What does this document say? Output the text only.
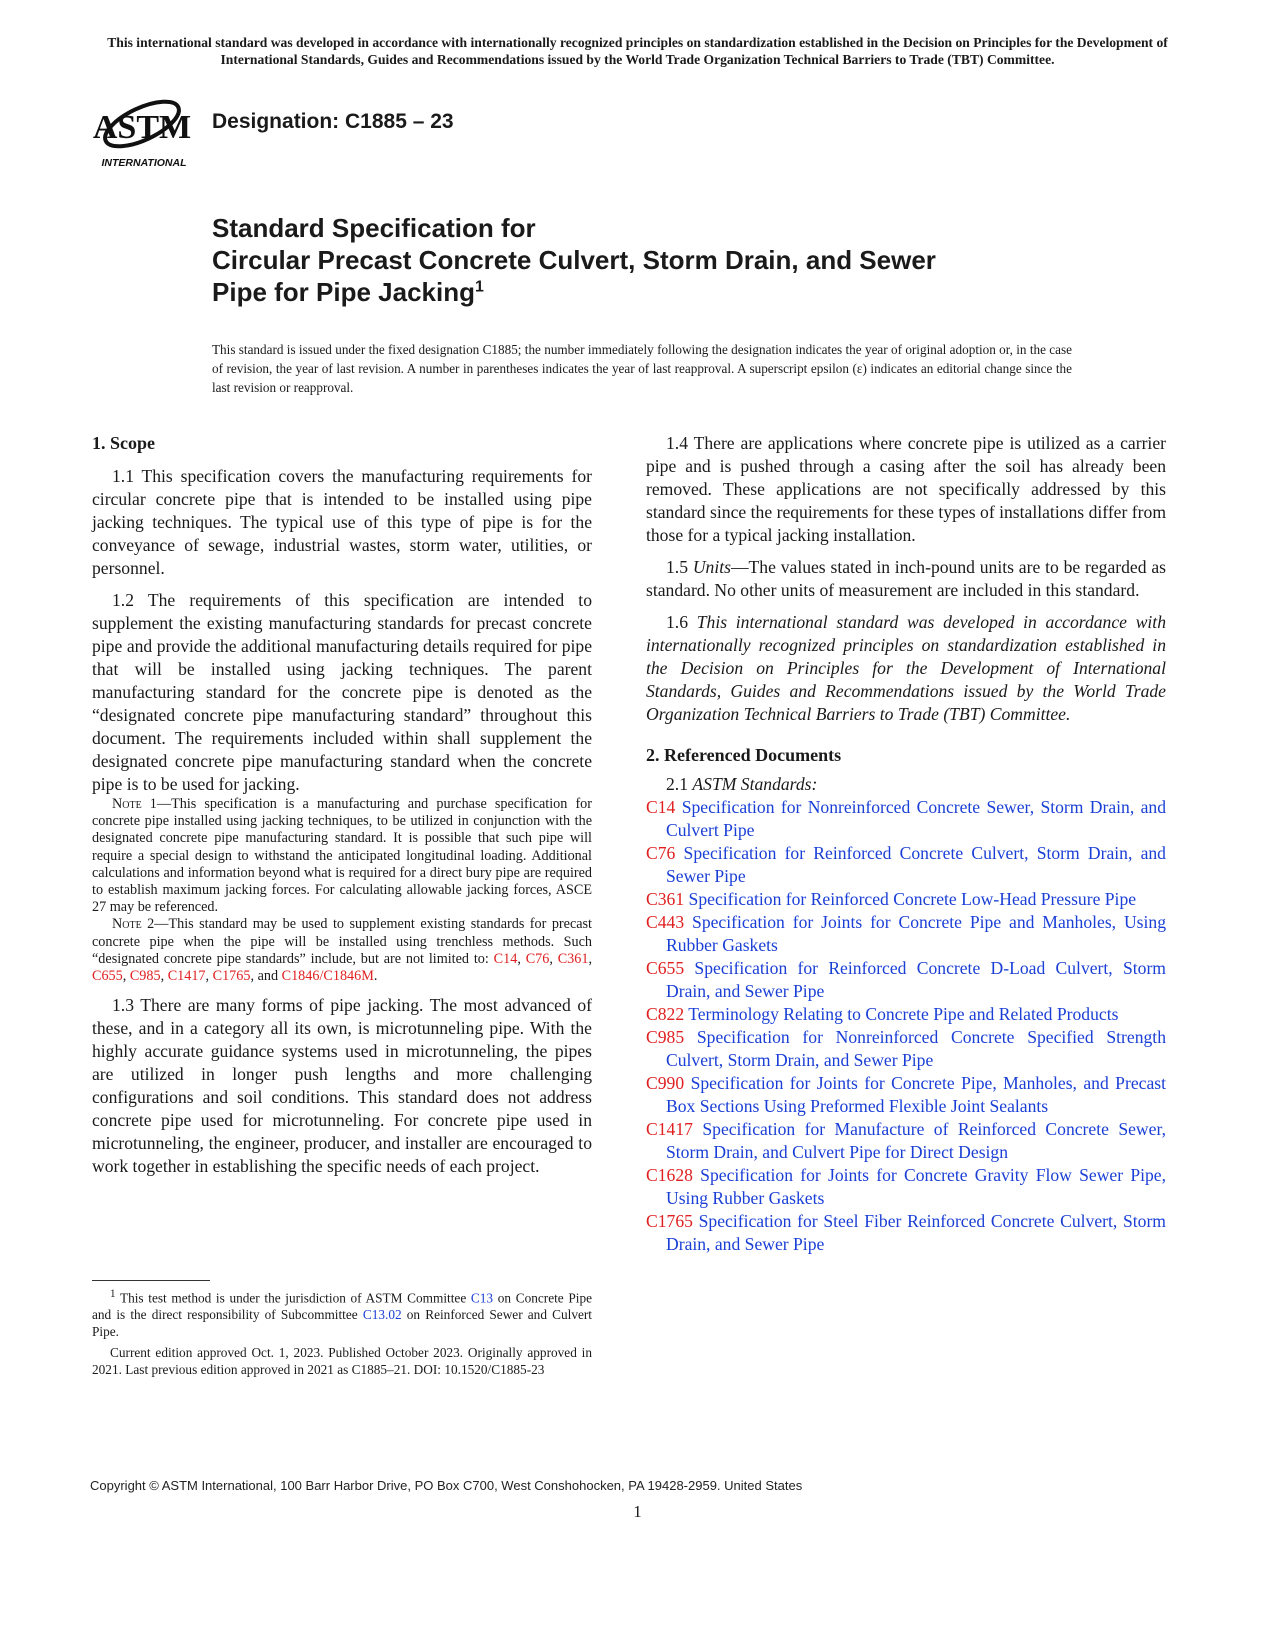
This international standard was developed in accordance with internationally recognized principles on standardization established in the Decision on Principles for the Development of International Standards, Guides and Recommendations issued by the World Trade Organization Technical Barriers to Trade (TBT) Committee.
ASTM
INTERNATIONAL
Designation: C1885 – 23
Standard Specification for
Circular Precast Concrete Culvert, Storm Drain, and Sewer
Pipe for Pipe Jacking$^1$
This standard is issued under the fixed designation C1885; the number immediately following the designation indicates the year of original adoption or, in the case of revision, the year of last revision. A number in parentheses indicates the year of last reapproval. A superscript epsilon (ε) indicates an editorial change since the last revision or reapproval.
1. Scope

1.1 This specification covers the manufacturing requirements for circular concrete pipe that is intended to be installed using pipe jacking techniques. The typical use of this type of pipe is for the conveyance of sewage, industrial wastes, storm water, utilities, or personnel.

1.2 The requirements of this specification are intended to supplement the existing manufacturing standards for precast concrete pipe and provide the additional manufacturing details required for pipe that will be installed using jacking techniques. The parent manufacturing standard for the concrete pipe is denoted as the “designated concrete pipe manufacturing standard” throughout this document. The requirements included within shall supplement the designated concrete pipe manufacturing standard when the concrete pipe is to be used for jacking.

Note 1—This specification is a manufacturing and purchase specification for concrete pipe installed using jacking techniques, to be utilized in conjunction with the designated concrete pipe manufacturing standard. It is possible that such pipe will require a special design to withstand the anticipated longitudinal loading. Additional calculations and information beyond what is required for a direct bury pipe are required to establish maximum jacking forces. For calculating allowable jacking forces, ASCE 27 may be referenced.

Note 2—This standard may be used to supplement existing standards for precast concrete pipe when the pipe will be installed using trenchless methods. Such “designated concrete pipe standards” include, but are not limited to: C14, C76, C361, C655, C985, C1417, C1765, and C1846/C1846M.

1.3 There are many forms of pipe jacking. The most advanced of these, and in a category all its own, is microtunneling pipe. With the highly accurate guidance systems used in microtunneling, the pipes are utilized in longer push lengths and more challenging configurations and soil conditions. This standard does not address concrete pipe used for microtunneling. For concrete pipe used in microtunneling, the engineer, producer, and installer are encouraged to work together in establishing the specific needs of each project.

1.4 There are applications where concrete pipe is utilized as a carrier pipe and is pushed through a casing after the soil has already been removed. These applications are not specifically addressed by this standard since the requirements for these types of installations differ from those for a typical jacking installation.

1.5 Units—The values stated in inch-pound units are to be regarded as standard. No other units of measurement are included in this standard.

1.6 This international standard was developed in accordance with internationally recognized principles on standardization established in the Decision on Principles for the Development of International Standards, Guides and Recommendations issued by the World Trade Organization Technical Barriers to Trade (TBT) Committee.

2. Referenced Documents
2.1 ASTM Standards:
C14 Specification for Nonreinforced Concrete Sewer, Storm Drain, and Culvert Pipe
C76 Specification for Reinforced Concrete Culvert, Storm Drain, and Sewer Pipe
C361 Specification for Reinforced Concrete Low-Head Pressure Pipe
C443 Specification for Joints for Concrete Pipe and Manholes, Using Rubber Gaskets
C655 Specification for Reinforced Concrete D-Load Culvert, Storm Drain, and Sewer Pipe
C822 Terminology Relating to Concrete Pipe and Related Products
C985 Specification for Nonreinforced Concrete Specified Strength Culvert, Storm Drain, and Sewer Pipe
C990 Specification for Joints for Concrete Pipe, Manholes, and Precast Box Sections Using Preformed Flexible Joint Sealants
C1417 Specification for Manufacture of Reinforced Concrete Sewer, Storm Drain, and Culvert Pipe for Direct Design
C1628 Specification for Joints for Concrete Gravity Flow Sewer Pipe, Using Rubber Gaskets
C1765 Specification for Steel Fiber Reinforced Concrete Culvert, Storm Drain, and Sewer Pipe

$^1$ This test method is under the jurisdiction of ASTM Committee C13 on Concrete Pipe and is the direct responsibility of Subcommittee C13.02 on Reinforced Sewer and Culvert Pipe.

Current edition approved Oct. 1, 2023. Published October 2023. Originally approved in 2021. Last previous edition approved in 2021 as C1885–21. DOI: 10.1520/C1885-23

Copyright © ASTM International, 100 Barr Harbor Drive, PO Box C700, West Conshohocken, PA 19428-2959. United States
1
